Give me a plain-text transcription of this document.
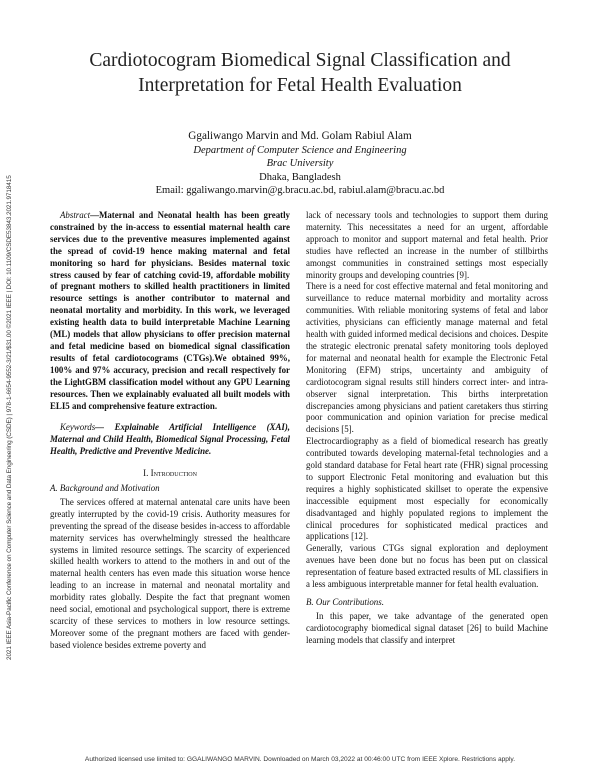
2021 IEEE Asia-Pacific Conference on Computer Science and Data Engineering (CSDE) | 978-1-6654-9552-3/21/$31.00 ©2021 IEEE | DOI: 10.1109/CSDE53843.2021.9718415
Cardiotocogram Biomedical Signal Classification and Interpretation for Fetal Health Evaluation
Ggaliwango Marvin and Md. Golam Rabiul Alam
Department of Computer Science and Engineering
Brac University
Dhaka, Bangladesh
Email: ggaliwango.marvin@g.bracu.ac.bd, rabiul.alam@bracu.ac.bd

Abstract—Maternal and Neonatal health has been greatly constrained by the in-access to essential maternal health care services due to the preventive measures implemented against the spread of covid-19 hence making maternal and fetal monitoring so hard for physicians. Besides maternal toxic stress caused by fear of catching covid-19, affordable mobility of pregnant mothers to skilled health practitioners in limited resource settings is another contributor to maternal and neonatal mortality and morbidity. In this work, we leveraged existing health data to build interpretable Machine Learning (ML) models that allow physicians to offer precision maternal and fetal medicine based on biomedical signal classification results of fetal cardiotocograms (CTGs).We obtained 99%, 100% and 97% accuracy, precision and recall respectively for the LightGBM classification model without any GPU Learning resources. Then we explainably evaluated all built models with ELI5 and comprehensive feature extraction.

Keywords— Explainable Artificial Intelligence (XAI), Maternal and Child Health, Biomedical Signal Processing, Fetal Health, Predictive and Preventive Medicine.

I. Introduction

A. Background and Motivation

The services offered at maternal antenatal care units have been greatly interrupted by the covid-19 crisis. Authority measures for preventing the spread of the disease besides in-access to affordable maternity services has overwhelmingly stressed the healthcare systems in limited resource settings. The scarcity of experienced skilled health workers to attend to the mothers in and out of the maternal health centers has even made this situation worse hence leading to an increase in maternal and neonatal mortality and morbidity rates globally. Despite the fact that pregnant women need social, emotional and psychological support, there is extreme scarcity of these services to mothers in low resource settings. Moreover some of the pregnant mothers are faced with gender-based violence besides extreme poverty and

lack of necessary tools and technologies to support them during maternity. This necessitates a need for an urgent, affordable approach to monitor and support maternal and fetal health. Prior studies have reflected an increase in the number of stillbirths amongst communities in constrained settings most especially minority groups and developing countries [9].

There is a need for cost effective maternal and fetal monitoring and surveillance to reduce maternal morbidity and mortality across communities. With reliable monitoring systems of fetal and labor activities, physicians can efficiently manage maternal and fetal health with guided informed medical decisions and choices. Despite the strategic electronic prenatal safety monitoring tools deployed for maternal and neonatal health for example the Electronic Fetal Monitoring (EFM) strips, uncertainty and ambiguity of cardiotocogram signal results still hinders correct inter- and intra-observer signal interpretation. This births interpretation discrepancies among physicians and patient caretakers thus stirring poor communication and opinion variation for precise medical decisions [5].

Electrocardiography as a field of biomedical research has greatly contributed towards developing maternal-fetal technologies and a gold standard database for Fetal heart rate (FHR) signal processing to support Electronic Fetal monitoring and evaluation but this requires a highly sophisticated skillset to operate the expensive inaccessible equipment most especially for economically disadvantaged and highly populated regions to implement the clinical procedures for sophisticated medical practices and applications [12].

Generally, various CTGs signal exploration and deployment avenues have been done but no focus has been put on classical representation of feature based extracted results of ML classifiers in a less ambiguous interpretable manner for fetal health evaluation.

B. Our Contributions.

In this paper, we take advantage of the generated open cardiotocography biomedical signal dataset [26] to build Machine learning models that classify and interpret

Authorized licensed use limited to: GGALIWANGO MARVIN. Downloaded on March 03,2022 at 00:46:00 UTC from IEEE Xplore. Restrictions apply.
